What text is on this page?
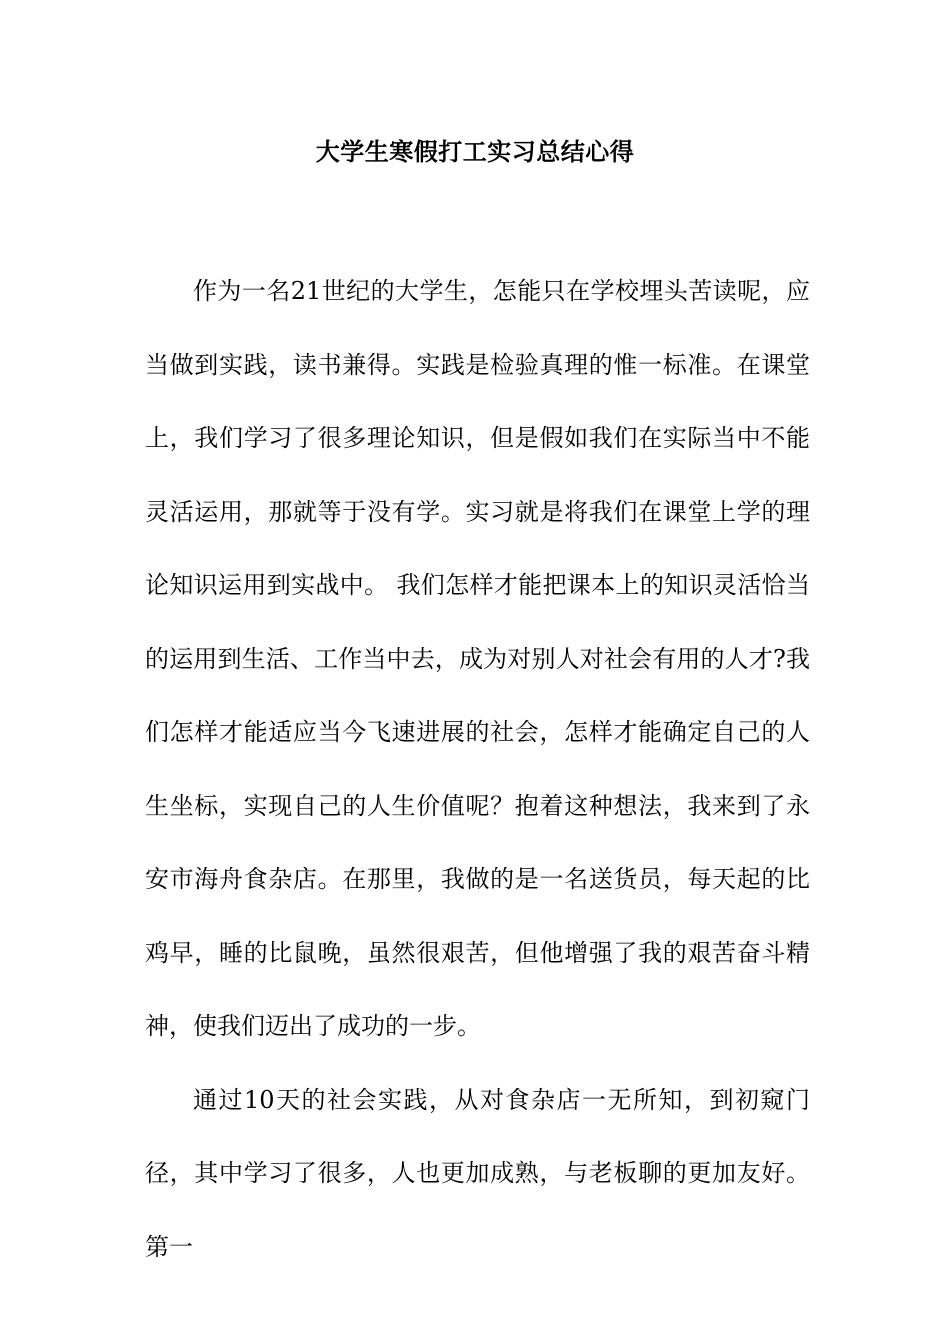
大学生寒假打工实习总结心得

作为一名21世纪的大学生，怎能只在学校埋头苦读呢，应当做到实践，读书兼得。实践是检验真理的惟一标准。在课堂上，我们学习了很多理论知识，但是假如我们在实际当中不能灵活运用，那就等于没有学。实习就是将我们在课堂上学的理论知识运用到实战中。 我们怎样才能把课本上的知识灵活恰当的运用到生活、工作当中去，成为对别人对社会有用的人才?我们怎样才能适应当今飞速进展的社会，怎样才能确定自己的人生坐标，实现自己的人生价值呢？抱着这种想法，我来到了永安市海舟食杂店。在那里，我做的是一名送货员，每天起的比鸡早，睡的比鼠晚，虽然很艰苦，但他增强了我的艰苦奋斗精神，使我们迈出了成功的一步。

通过10天的社会实践，从对食杂店一无所知，到初窥门径，其中学习了很多，人也更加成熟，与老板聊的更加友好。第一
